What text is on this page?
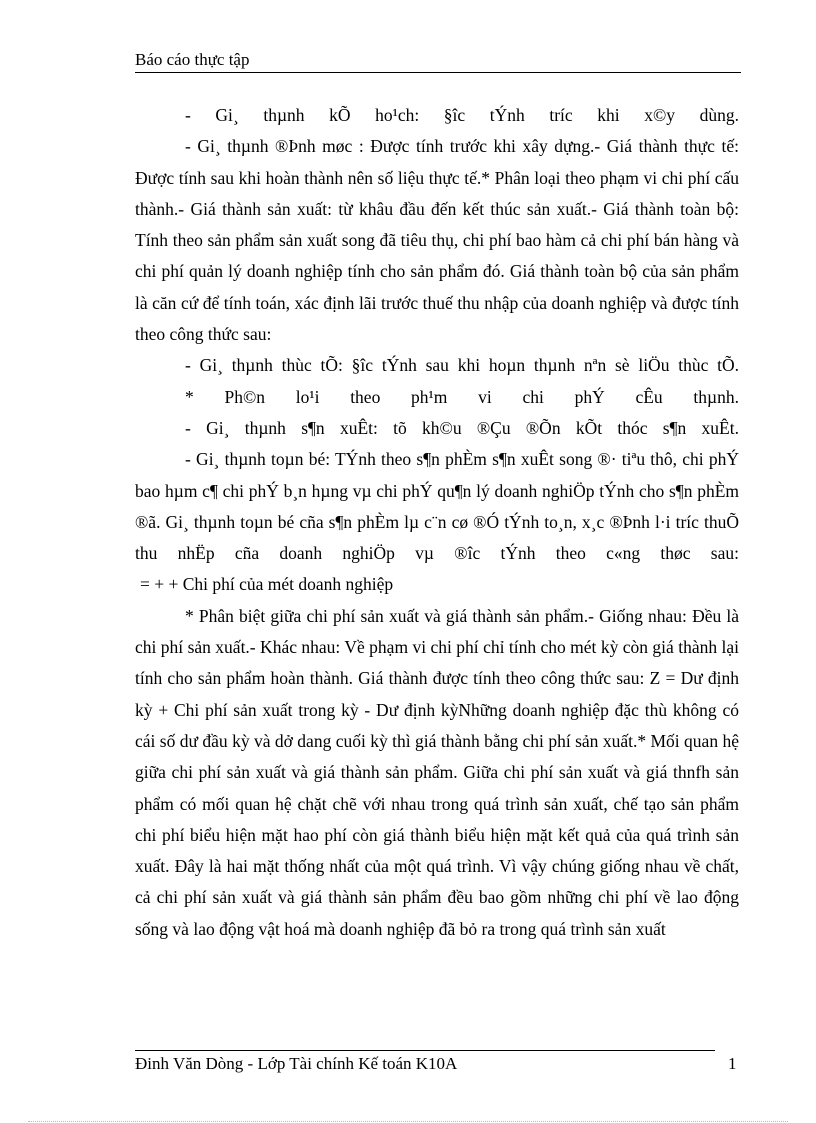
Báo cáo thực tập

- Gi¸ thµnh kÕ ho¹ch: §îc tÝnh tríc khi x©y dùng.

- Gi¸ thµnh ®Þnh møc : Được tính trước khi xây dựng.- Giá thành thực tế: Được tính sau khi hoàn thành nên số liệu thực tế.* Phân loại theo phạm vi chi phí cấu thành.- Giá thành sản xuất: từ khâu đầu đến kết thúc sản xuất.- Giá thành toàn bộ: Tính theo sản phẩm sản xuất song đã tiêu thụ, chi phí bao hàm cả chi phí bán hàng và chi phí quản lý doanh nghiệp tính cho sản phẩm đó. Giá thành toàn bộ của sản phẩm là căn cứ để tính toán, xác định lãi trước thuế thu nhập của doanh nghiệp và được tính theo công thức sau:

- Gi¸ thµnh thùc tÕ: §îc tÝnh sau khi hoµn thµnh nªn sè liÖu thùc tÕ.

* Ph©n lo¹i theo ph¹m vi chi phÝ cÊu thµnh.

- Gi¸ thµnh s¶n xuÊt: tõ kh©u ®Çu ®Õn kÕt thóc s¶n xuÊt.

- Gi¸ thµnh toµn bé: TÝnh theo s¶n phÈm s¶n xuÊt song ®· tiªu thô, chi phÝ bao hµm c¶ chi phÝ b¸n hµng vµ chi phÝ qu¶n lý doanh nghiÖp tÝnh cho s¶n phÈm ®ã. Gi¸ thµnh toµn bé cña s¶n phÈm lµ c¨n cø ®Ó tÝnh to¸n, x¸c ®Þnh l·i tríc thuÕ thu nhËp cña doanh nghiÖp vµ ®îc tÝnh theo c«ng thøc sau:

= + + Chi phí của mét doanh nghiệp

* Phân biệt giữa chi phí sản xuất và giá thành sản phẩm.- Giống nhau: Đều là chi phí sản xuất.- Khác nhau: Về phạm vi chi phí chỉ tính cho mét kỳ còn giá thành lại tính cho sản phẩm hoàn thành. Giá thành được tính theo công thức sau: Z = Dư định kỳ + Chi phí sản xuất trong kỳ - Dư định kỳNhững doanh nghiệp đặc thù không có cái số dư đầu kỳ và dở dang cuối kỳ thì giá thành bằng chi phí sản xuất.* Mối quan hệ giữa chi phí sản xuất và giá thành sản phẩm. Giữa chi phí sản xuất và giá thnfh sản phẩm có mối quan hệ chặt chẽ với nhau trong quá trình sản xuất, chế tạo sản phẩm chi phí biểu hiện mặt hao phí còn giá thành biểu hiện mặt kết quả của quá trình sản xuất. Đây là hai mặt thống nhất của một quá trình. Vì vậy chúng giống nhau về chất, cả chi phí sản xuất và giá thành sản phẩm đều bao gồm những chi phí về lao động sống và lao động vật hoá mà doanh nghiệp đã bỏ ra trong quá trình sản xuất

Đinh Văn Dòng - Lớp Tài chính Kế toán K10A	1
